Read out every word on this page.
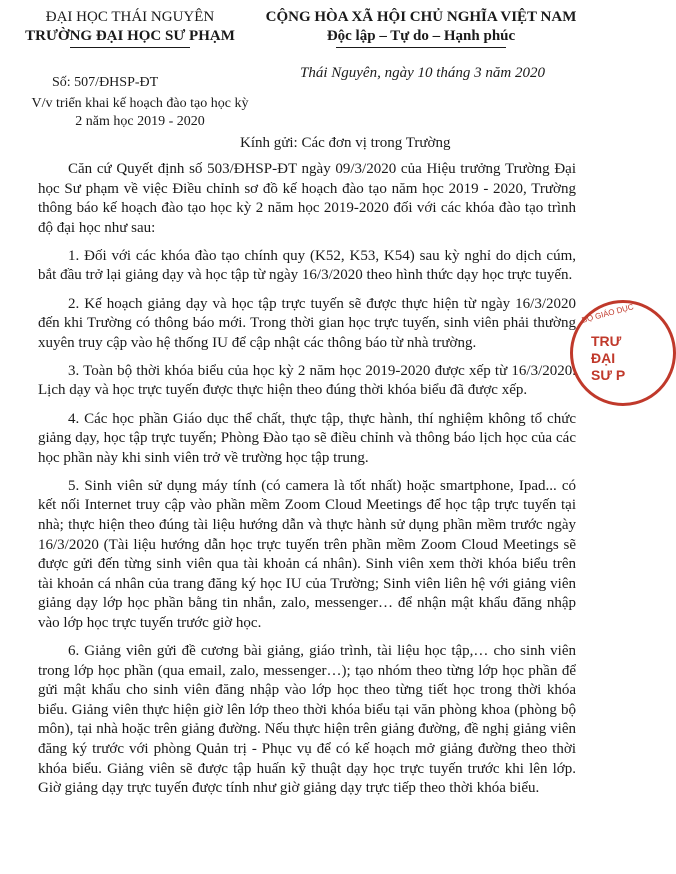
ĐẠI HỌC THÁI NGUYÊN
TRƯỜNG ĐẠI HỌC SƯ PHẠM
CỘNG HÒA XÃ HỘI CHỦ NGHĨA VIỆT NAM
Độc lập – Tự do – Hạnh phúc
Số: 507/ĐHSP-ĐT
V/v triển khai kế hoạch đào tạo học kỳ 2 năm học 2019 - 2020
Thái Nguyên, ngày 10 tháng 3 năm 2020
Kính gửi: Các đơn vị trong Trường

Căn cứ Quyết định số 503/ĐHSP-ĐT ngày 09/3/2020 của Hiệu trưởng Trường Đại học Sư phạm về việc Điều chỉnh sơ đồ kế hoạch đào tạo năm học 2019 - 2020, Trường thông báo kế hoạch đào tạo học kỳ 2 năm học 2019-2020 đối với các khóa đào tạo trình độ đại học như sau:

1. Đối với các khóa đào tạo chính quy (K52, K53, K54) sau kỳ nghỉ do dịch cúm, bắt đầu trở lại giảng dạy và học tập từ ngày 16/3/2020 theo hình thức dạy học trực tuyến.

2. Kế hoạch giảng dạy và học tập trực tuyến sẽ được thực hiện từ ngày 16/3/2020 đến khi Trường có thông báo mới. Trong thời gian học trực tuyến, sinh viên phải thường xuyên truy cập vào hệ thống IU để cập nhật các thông báo từ nhà trường.

3. Toàn bộ thời khóa biểu của học kỳ 2 năm học 2019-2020 được xếp từ 16/3/2020. Lịch dạy và học trực tuyến được thực hiện theo đúng thời khóa biểu đã được xếp.

4. Các học phần Giáo dục thể chất, thực tập, thực hành, thí nghiệm không tổ chức giảng dạy, học tập trực tuyến; Phòng Đào tạo sẽ điều chỉnh và thông báo lịch học của các học phần này khi sinh viên trở về trường học tập trung.

5. Sinh viên sử dụng máy tính (có camera là tốt nhất) hoặc smartphone, Ipad... có kết nối Internet truy cập vào phần mềm Zoom Cloud Meetings để học tập trực tuyến tại nhà; thực hiện theo đúng tài liệu hướng dẫn và thực hành sử dụng phần mềm trước ngày 16/3/2020 (Tài liệu hướng dẫn học trực tuyến trên phần mềm Zoom Cloud Meetings sẽ được gửi đến từng sinh viên qua tài khoản cá nhân). Sinh viên xem thời khóa biểu trên tài khoản cá nhân của trang đăng ký học IU của Trường; Sinh viên liên hệ với giảng viên giảng dạy lớp học phần bằng tin nhắn, zalo, messenger… để nhận mật khẩu đăng nhập vào lớp học trực tuyến trước giờ học.

6. Giảng viên gửi đề cương bài giảng, giáo trình, tài liệu học tập,… cho sinh viên trong lớp học phần (qua email, zalo, messenger…); tạo nhóm theo từng lớp học phần để gửi mật khẩu cho sinh viên đăng nhập vào lớp học theo từng tiết học trong thời khóa biểu. Giảng viên thực hiện giờ lên lớp theo thời khóa biểu tại văn phòng khoa (phòng bộ môn), tại nhà hoặc trên giảng đường. Nếu thực hiện trên giảng đường, đề nghị giảng viên đăng ký trước với phòng Quản trị - Phục vụ để có kế hoạch mở giảng đường theo thời khóa biểu. Giảng viên sẽ được tập huấn kỹ thuật dạy học trực tuyến trước khi lên lớp. Giờ giảng dạy trực tuyến được tính như giờ giảng dạy trực tiếp theo thời khóa biểu.

BỘ GIÁO DỤC
TRƯ
ĐẠI
SƯ P
